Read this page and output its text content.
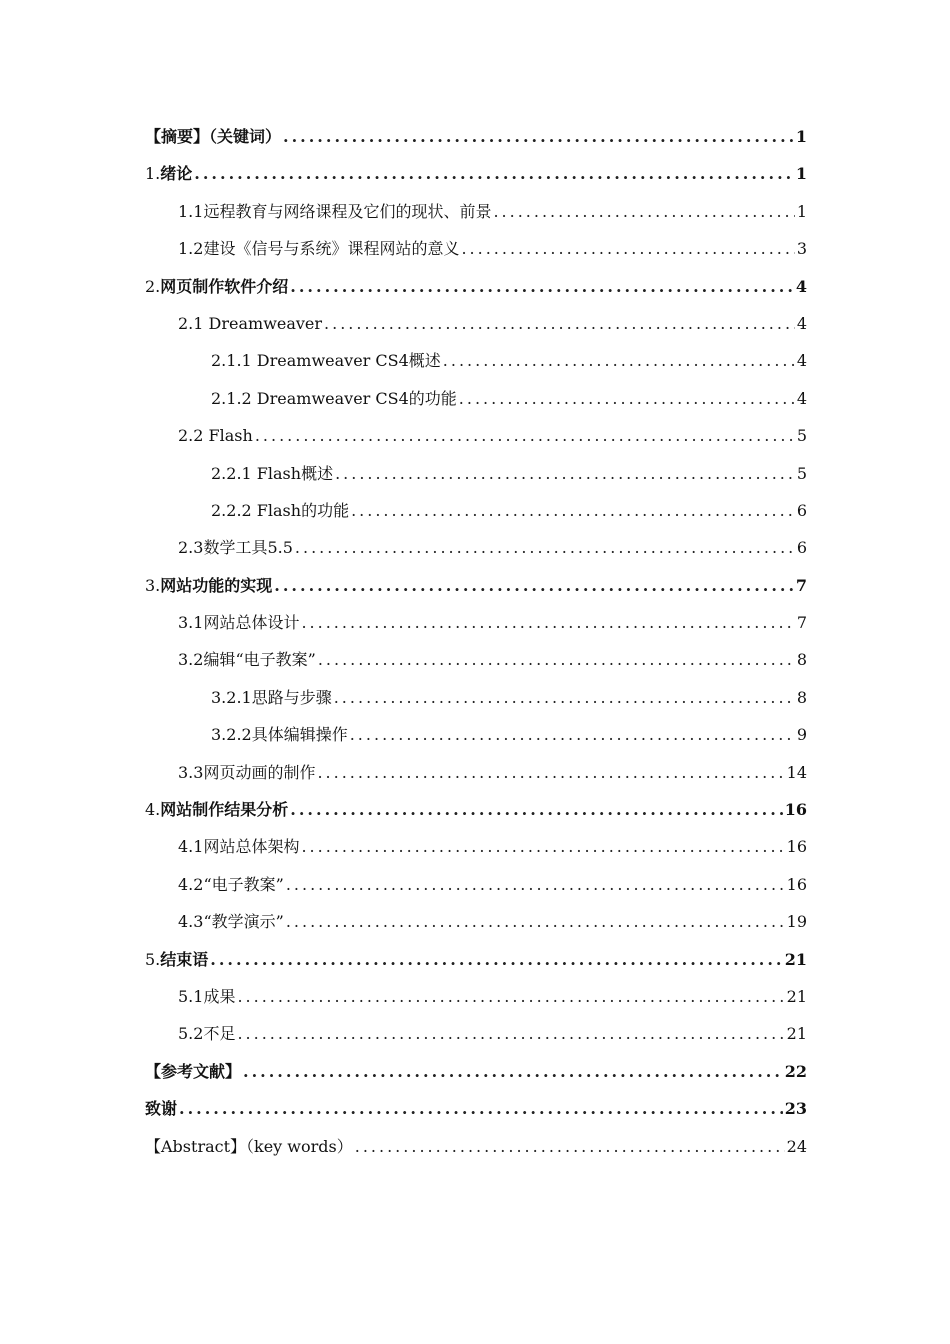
【摘要】（关键词） .....	1
1. 绪论 .....	1
1.1远程教育与网络课程及它们的现状、前景 .....	1
1.2建设《信号与系统》课程网站的意义 .....	3
2. 网页制作软件介绍 .....	4
2.1 Dreamweaver .....	4
2.1.1 Dreamweaver CS4概述 .....	4
2.1.2 Dreamweaver CS4的功能 .....	4
2.2 Flash .....	5
2.2.1 Flash概述 .....	5
2.2.2 Flash的功能 .....	6
2.3数学工具5.5 .....	6
3. 网站功能的实现 .....	7
3.1网站总体设计 .....	7
3.2编辑“电子教案” .....	8
3.2.1思路与步骤 .....	8
3.2.2具体编辑操作 .....	9
3.3网页动画的制作 .....	14
4. 网站制作结果分析 .....	16
4.1网站总体架构 .....	16
4.2“电子教案” .....	16
4.3“教学演示” .....	19
5. 结束语 .....	21
5.1成果 .....	21
5.2不足 .....	21
【参考文献】 .....	22
致谢 .....	23
【Abstract】（key words） .....	24
